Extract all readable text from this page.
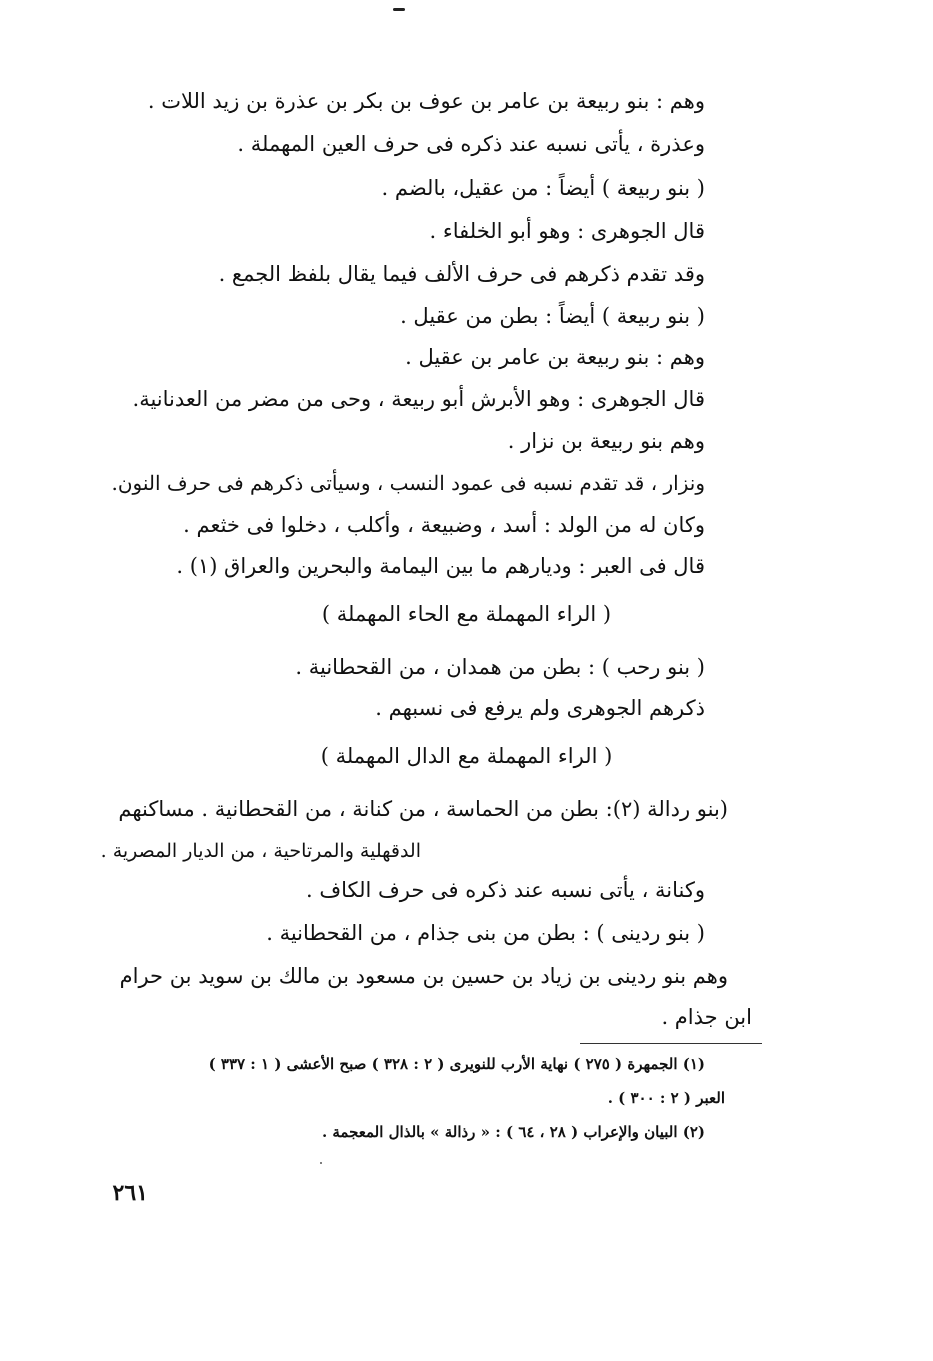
وهم : بنو ربيعة بن عامر بن عوف بن بكر بن عذرة بن زيد اللات .
وعذرة ، يأتى نسبه عند ذكره فى حرف العين المهملة .
( بنو ربيعة ) أيضاً : من عقيل، بالضم .
قال الجوهرى : وهو أبو الخلفاء .
وقد تقدم ذكرهم فى حرف الألف فيما يقال بلفظ الجمع .
( بنو ربيعة ) أيضاً : بطن من عقيل .
وهم : بنو ربيعة بن عامر بن عقيل .
قال الجوهرى : وهو الأبرش أبو ربيعة ، وحى من مضر من العدنانية.
وهم بنو ربيعة بن نزار .
ونزار ، قد تقدم نسبه فى عمود النسب ، وسيأتى ذكرهم فى حرف النون.
وكان له من الولد : أسد ، وضبيعة ، وأكلب ، دخلوا فى خثعم .
قال فى العبر : وديارهم ما بين اليمامة والبحرين والعراق (١) .
( الراء المهملة مع الحاء المهملة )
( بنو رحب ) : بطن من همدان ، من القحطانية .
ذكرهم الجوهرى ولم يرفع فى نسبهم .
( الراء المهملة مع الدال المهملة )
(بنو ردالة (٢): بطن من الحماسة ، من كنانة ، من القحطانية . مساكنهم
الدقهلية والمرتاحية ، من الديار المصرية .
وكنانة ، يأتى نسبه عند ذكره فى حرف الكاف .
( بنو ردينى ) : بطن من بنى جذام ، من القحطانية .
وهم بنو ردينى بن زياد بن حسين بن مسعود بن مالك بن سويد بن حرام
ابن جذام .
(١) الجمهرة ( ٢٧٥ ) نهاية الأرب للنويرى ( ٢ : ٣٢٨ ) صبح الأعشى ( ١ : ٣٣٧ )
العبر ( ٢ : ٣٠٠ ) .
(٢) البيان والإعراب ( ٢٨ ، ٦٤ ) : « رذالة » بالذال المعجمة .
٢٦١
